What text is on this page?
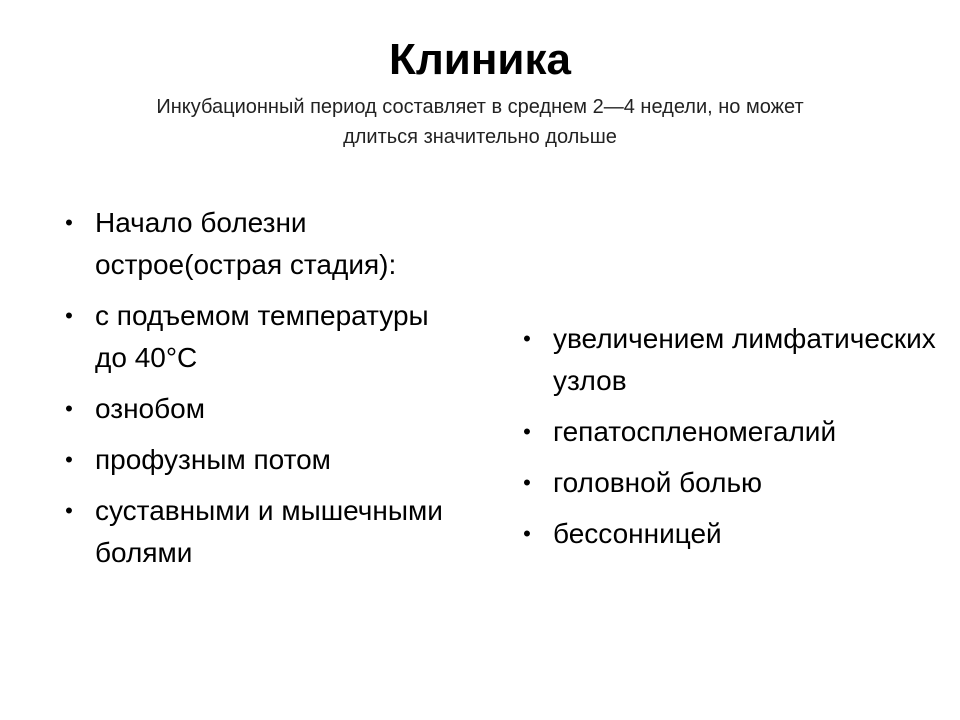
Клиника
Инкубационный период составляет в среднем 2—4 недели, но может длиться значительно дольше
• Начало болезни острое(острая стадия):
• с подъемом температуры до 40°C
• ознобом
• профузным потом
• суставными и мышечными болями
• увеличением лимфатических узлов
• гепатоспленомегалий
• головной болью
• бессонницей
